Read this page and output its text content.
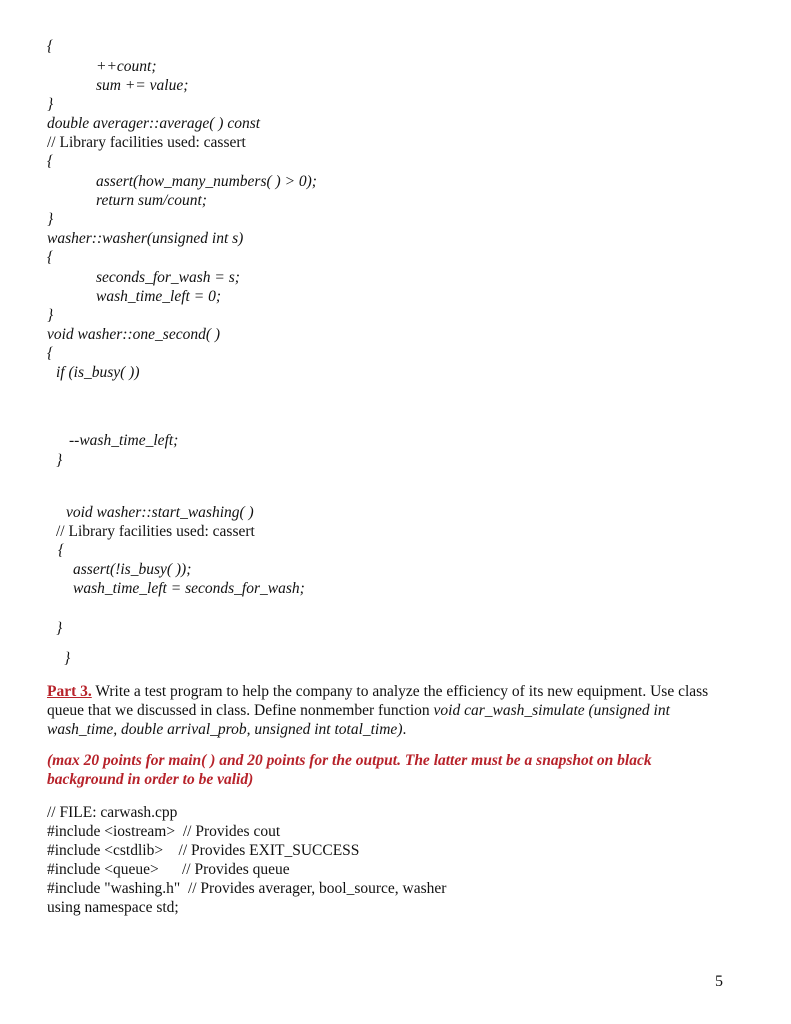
{
++count;
sum += value;
}
double averager::average( ) const
// Library facilities used: cassert
{
assert(how_many_numbers( ) > 0);
return sum/count;
}
washer::washer(unsigned int s)
{
seconds_for_wash = s;
wash_time_left = 0;
}
void washer::one_second( )
{
if (is_busy( ))
--wash_time_left;
}
void washer::start_washing( )
// Library facilities used: cassert
{
assert(!is_busy( ));
wash_time_left = seconds_for_wash;
}
}
Part 3. Write a test program to help the company to analyze the efficiency of its new equipment. Use class queue that we discussed in class. Define nonmember function void car_wash_simulate (unsigned int wash_time, double arrival_prob, unsigned int total_time).
(max 20 points for main( ) and 20 points for the output. The latter must be a snapshot on black background in order to be valid)
// FILE: carwash.cpp
#include <iostream>  // Provides cout
#include <cstdlib>    // Provides EXIT_SUCCESS
#include <queue>      // Provides queue
#include "washing.h"  // Provides averager, bool_source, washer
using namespace std;
5
